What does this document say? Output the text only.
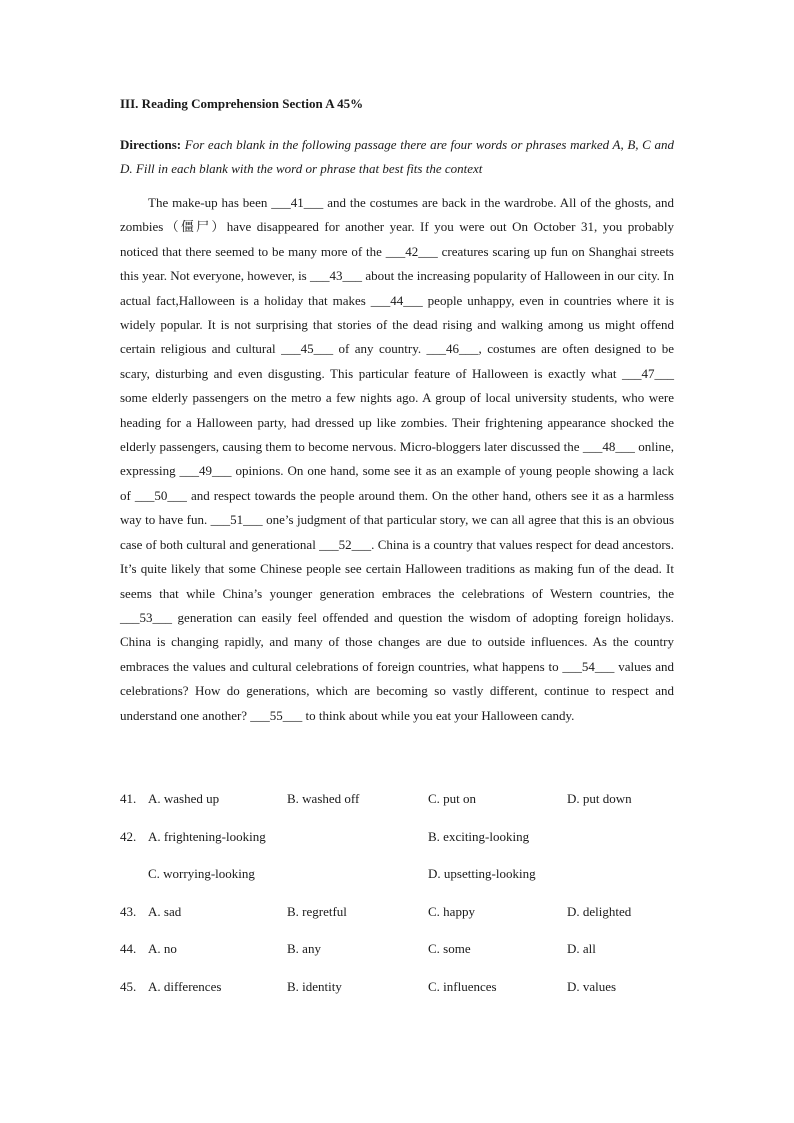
III. Reading Comprehension Section A 45%
Directions: For each blank in the following passage there are four words or phrases marked A, B, C and D. Fill in each blank with the word or phrase that best fits the context

The make-up has been ___41___ and the costumes are back in the wardrobe. All of the ghosts, and zombies（僵尸）have disappeared for another year. If you were out On October 31, you probably noticed that there seemed to be many more of the ___42___ creatures scaring up fun on Shanghai streets this year. Not everyone, however, is ___43___ about the increasing popularity of Halloween in our city. In actual fact,Halloween is a holiday that makes ___44___ people unhappy, even in countries where it is widely popular. It is not surprising that stories of the dead rising and walking among us might offend certain religious and cultural ___45___ of any country. ___46___, costumes are often designed to be scary, disturbing and even disgusting. This particular feature of Halloween is exactly what ___47___ some elderly passengers on the metro a few nights ago. A group of local university students, who were heading for a Halloween party, had dressed up like zombies. Their frightening appearance shocked the elderly passengers, causing them to become nervous. Micro-bloggers later discussed the ___48___ online, expressing ___49___ opinions. On one hand, some see it as an example of young people showing a lack of ___50___ and respect towards the people around them. On the other hand, others see it as a harmless way to have fun. ___51___ one’s judgment of that particular story, we can all agree that this is an obvious case of both cultural and generational ___52___. China is a country that values respect for dead ancestors. It’s quite likely that some Chinese people see certain Halloween traditions as making fun of the dead. It seems that while China’s younger generation embraces the celebrations of Western countries, the ___53___ generation can easily feel offended and question the wisdom of adopting foreign holidays. China is changing rapidly, and many of those changes are due to outside influences. As the country embraces the values and cultural celebrations of foreign countries, what happens to ___54___ values and celebrations? How do generations, which are becoming so vastly different, continue to respect and understand one another? ___55___ to think about while you eat your Halloween candy.

41. A. washed up	B. washed off	C. put on	D. put down
42. A. frightening-looking	B. exciting-looking
C. worrying-looking	D. upsetting-looking
43. A. sad	B. regretful	C. happy	D. delighted
44. A. no	B. any	C. some	D. all
45. A. differences	B. identity	C. influences	D. values
